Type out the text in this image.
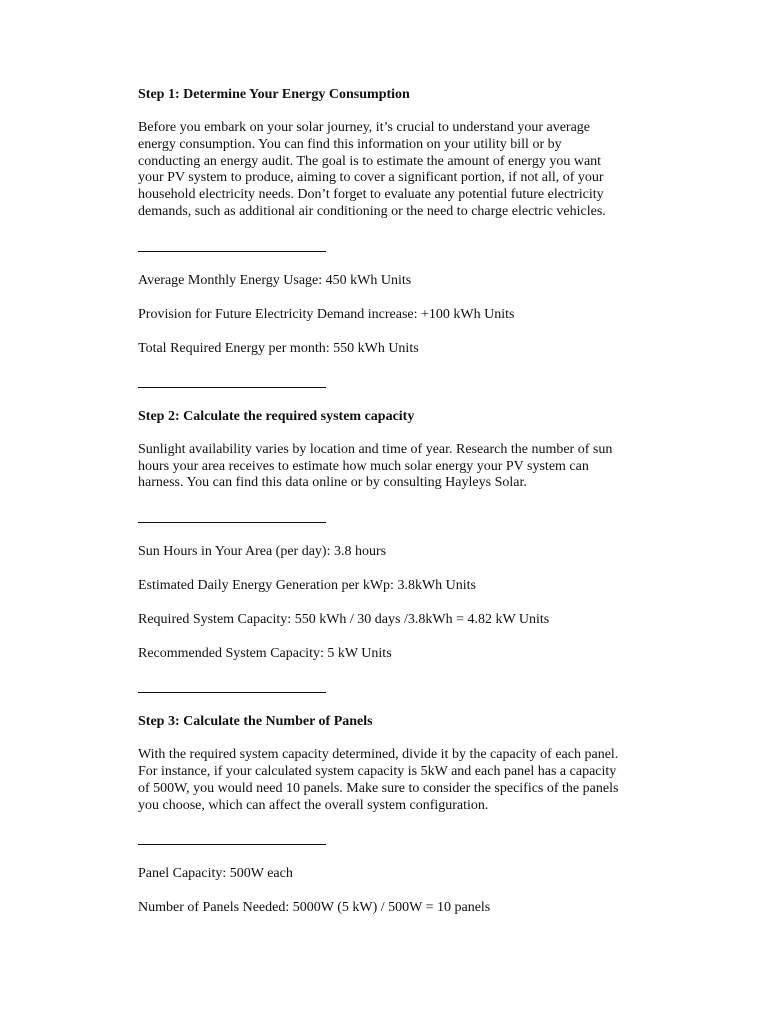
Step 1: Determine Your Energy Consumption
Before you embark on your solar journey, it’s crucial to understand your average
energy consumption. You can find this information on your utility bill or by
conducting an energy audit. The goal is to estimate the amount of energy you want
your PV system to produce, aiming to cover a significant portion, if not all, of your
household electricity needs. Don’t forget to evaluate any potential future electricity
demands, such as additional air conditioning or the need to charge electric vehicles.
Average Monthly Energy Usage: 450 kWh Units
Provision for Future Electricity Demand increase: +100 kWh Units
Total Required Energy per month: 550 kWh Units
Step 2: Calculate the required system capacity
Sunlight availability varies by location and time of year. Research the number of sun
hours your area receives to estimate how much solar energy your PV system can
harness. You can find this data online or by consulting Hayleys Solar.
Sun Hours in Your Area (per day): 3.8 hours
Estimated Daily Energy Generation per kWp: 3.8kWh Units
Required System Capacity: 550 kWh / 30 days /3.8kWh = 4.82 kW Units
Recommended System Capacity: 5 kW Units
Step 3: Calculate the Number of Panels
With the required system capacity determined, divide it by the capacity of each panel.
For instance, if your calculated system capacity is 5kW and each panel has a capacity
of 500W, you would need 10 panels. Make sure to consider the specifics of the panels
you choose, which can affect the overall system configuration.
Panel Capacity: 500W each
Number of Panels Needed: 5000W (5 kW) / 500W = 10 panels
